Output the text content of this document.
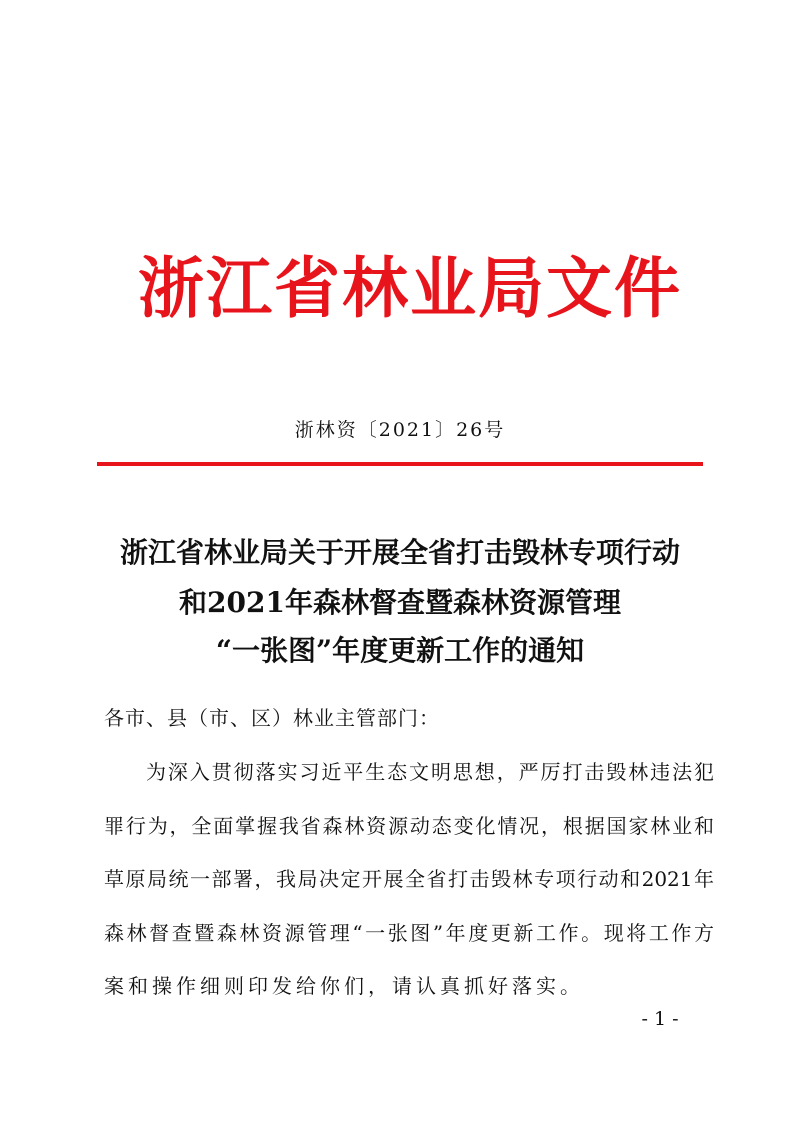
浙江省林业局文件
浙林资〔2021〕26号
浙江省林业局关于开展全省打击毁林专项行动
和2021年森林督查暨森林资源管理
“一张图”年度更新工作的通知
各市、县（市、区）林业主管部门：
为深入贯彻落实习近平生态文明思想，严厉打击毁林违法犯
罪行为，全面掌握我省森林资源动态变化情况，根据国家林业和
草原局统一部署，我局决定开展全省打击毁林专项行动和2021年
森林督查暨森林资源管理“一张图”年度更新工作。现将工作方
案和操作细则印发给你们，请认真抓好落实。
- 1 -
